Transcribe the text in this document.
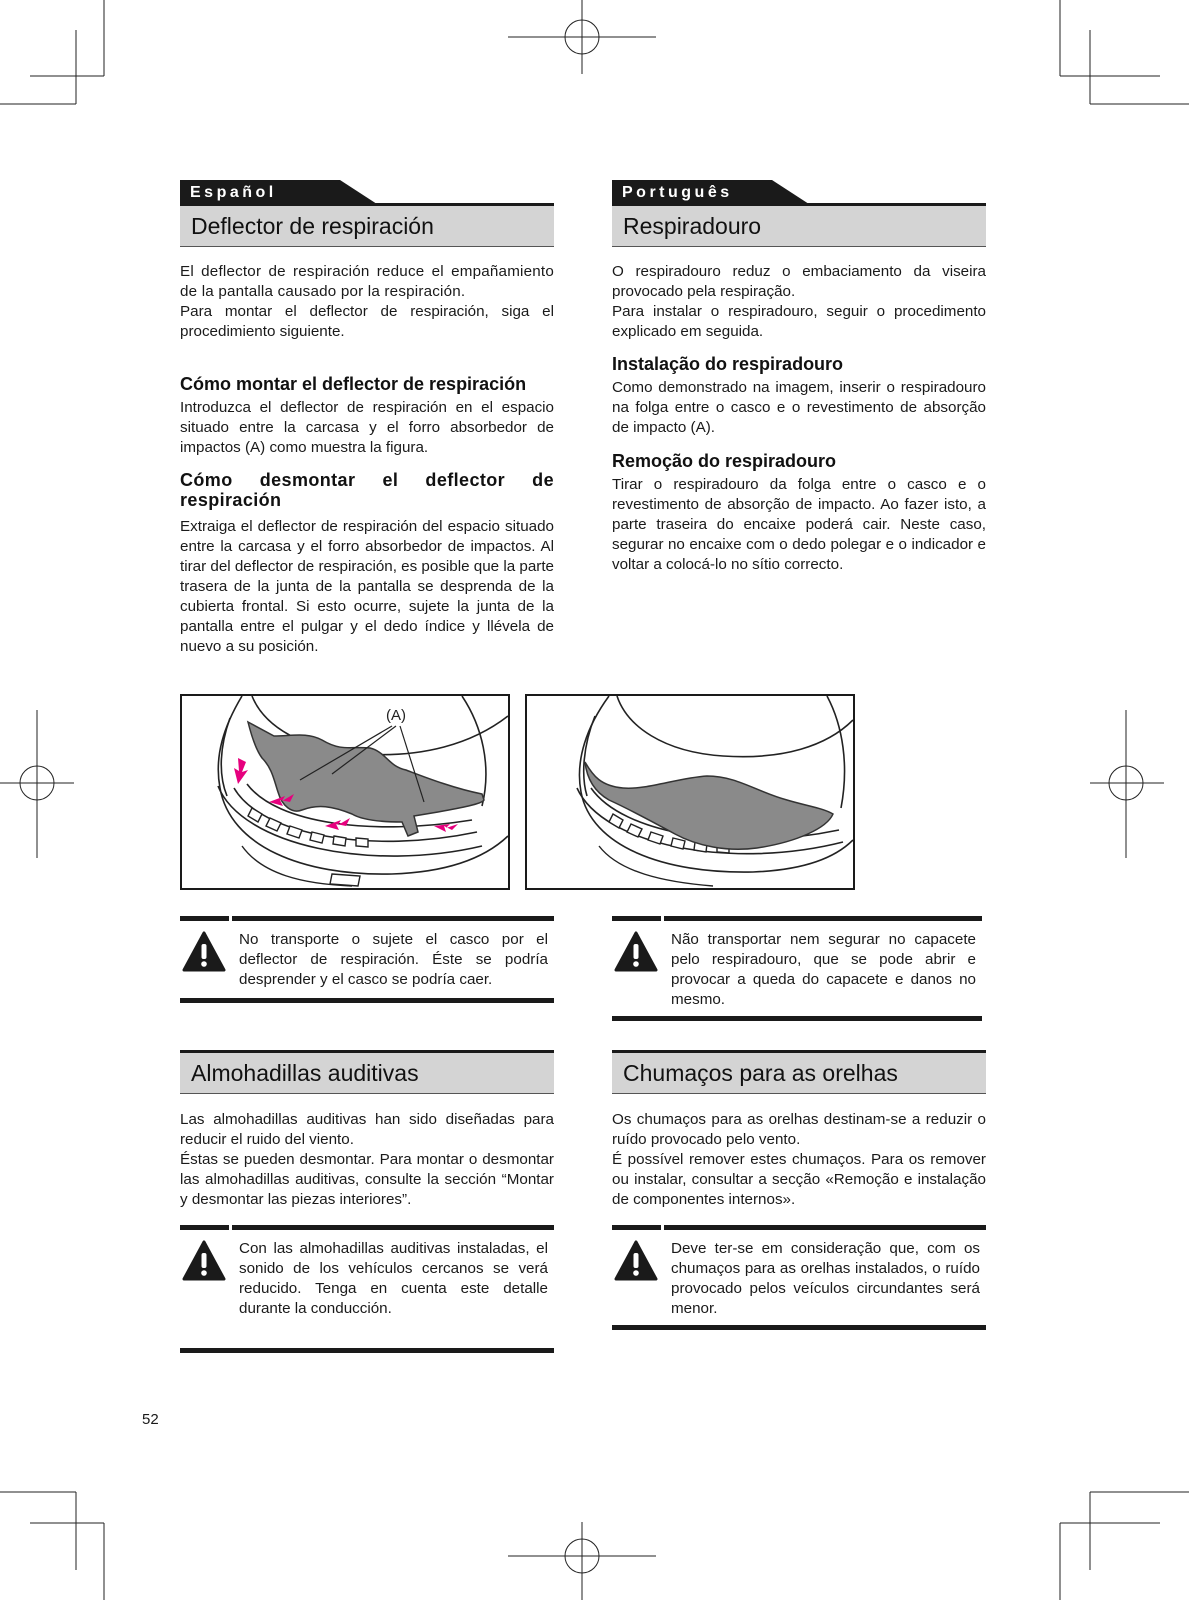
Español
Deflector de respiración

El deflector de respiración reduce el empañamiento de la pantalla causado por la respiración.

Para montar el deflector de respiración, siga el procedimiento siguiente.

Cómo montar el deflector de respiración
Introduzca el deflector de respiración en el espacio situado entre la carcasa y el forro absorbedor de impactos (A) como muestra la figura.
Cómo desmontar el deflector de respiración
Extraiga el deflector de respiración del espacio situado entre la carcasa y el forro absorbedor de impactos. Al tirar del deflector de respiración, es posible que la parte trasera de la junta de la pantalla se desprenda de la cubierta frontal. Si esto ocurre, sujete la junta de la pantalla entre el pulgar y el dedo índice y llévela de nuevo a su posición.
No transporte o sujete el casco por el deflector de respiración. Éste se podría desprender y el casco se podría caer.
Almohadillas auditivas

Las almohadillas auditivas han sido diseñadas para reducir el ruido del viento.

Éstas se pueden desmontar. Para montar o desmontar las almohadillas auditivas, consulte la sección “Montar y desmontar las piezas interiores”.

Con las almohadillas auditivas instaladas, el sonido de los vehículos cercanos se verá reducido. Tenga en cuenta este detalle durante la conducción.
Português
Respiradouro

O respiradouro reduz o embaciamento da viseira provocado pela respiração.

Para instalar o respiradouro, seguir o procedimento explicado em seguida.

Instalação do respiradouro
Como demonstrado na imagem, inserir o respiradouro na folga entre o casco e o revestimento de absorção de impacto (A).
Remoção do respiradouro
Tirar o respiradouro da folga entre o casco e o revestimento de absorção de impacto. Ao fazer isto, a parte traseira do encaixe poderá cair. Neste caso, segurar no encaixe com o dedo polegar e o indicador e voltar a colocá-lo no sítio correcto.
Não transportar nem segurar no capacete pelo respiradouro, que se pode abrir e provocar a queda do capacete e danos no mesmo.
Chumaços para as orelhas

Os chumaços para as orelhas destinam-se a reduzir o ruído provocado pelo vento.

É possível remover estes chumaços. Para os remover ou instalar, consultar a secção «Remoção e instalação de componentes internos».

Deve ter-se em consideração que, com os chumaços para as orelhas instalados, o ruído provocado pelos veículos circundantes será menor.
(A)
52
